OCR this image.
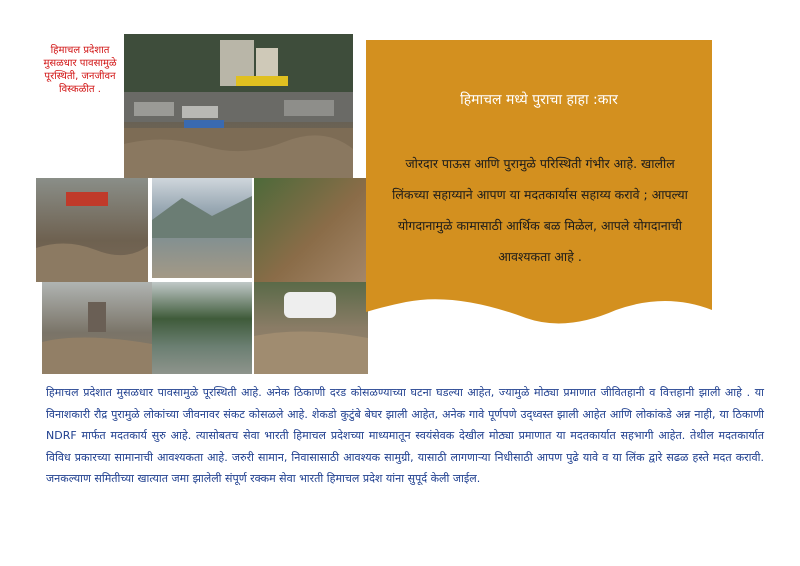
हिमाचल प्रदेशात मुसळधार पावसामुळे पूरस्थिती, जनजीवन विस्कळीत .
हिमाचल मध्ये पुराचा हाहा :कार
जोरदार पाऊस आणि पुरामुळे परिस्थिती गंभीर आहे. खालील लिंकच्या सहाय्याने आपण या मदतकार्यास सहाय्य करावे ; आपल्या योगदानामुळे कामासाठी आर्थिक बळ मिळेल, आपले योगदानाची आवश्यकता आहे .
हिमाचल प्रदेशात मुसळधार पावसामुळे पूरस्थिती आहे. अनेक ठिकाणी दरड कोसळण्याच्या घटना घडल्या आहेत, ज्यामुळे मोठ्या प्रमाणात जीवितहानी व वित्तहानी झाली आहे . या विनाशकारी रौद्र पुरामुळे लोकांच्या जीवनावर संकट कोसळले आहे. शेकडो कुटुंबे बेघर झाली आहेत, अनेक गावे पूर्णपणे उद्ध्वस्त झाली आहेत आणि लोकांकडे अन्न नाही, या ठिकाणी NDRF मार्फत मदतकार्य सुरु आहे. त्यासोबतच सेवा भारती हिमाचल प्रदेशच्या माध्यमातून स्वयंसेवक देखील मोठ्या प्रमाणात या मदतकार्यात सहभागी आहेत. तेथील मदतकार्यात विविध प्रकारच्या सामानाची आवश्यकता आहे. जरुरी सामान, निवासासाठी आवश्यक सामुग्री, यासाठी लागणाऱ्या निधीसाठी आपण पुढे यावे व या लिंक द्वारे सढळ हस्ते मदत करावी. जनकल्याण समितीच्या खात्यात जमा झालेली संपूर्ण रक्कम सेवा भारती हिमाचल प्रदेश यांना सुपूर्द केली जाईल.
